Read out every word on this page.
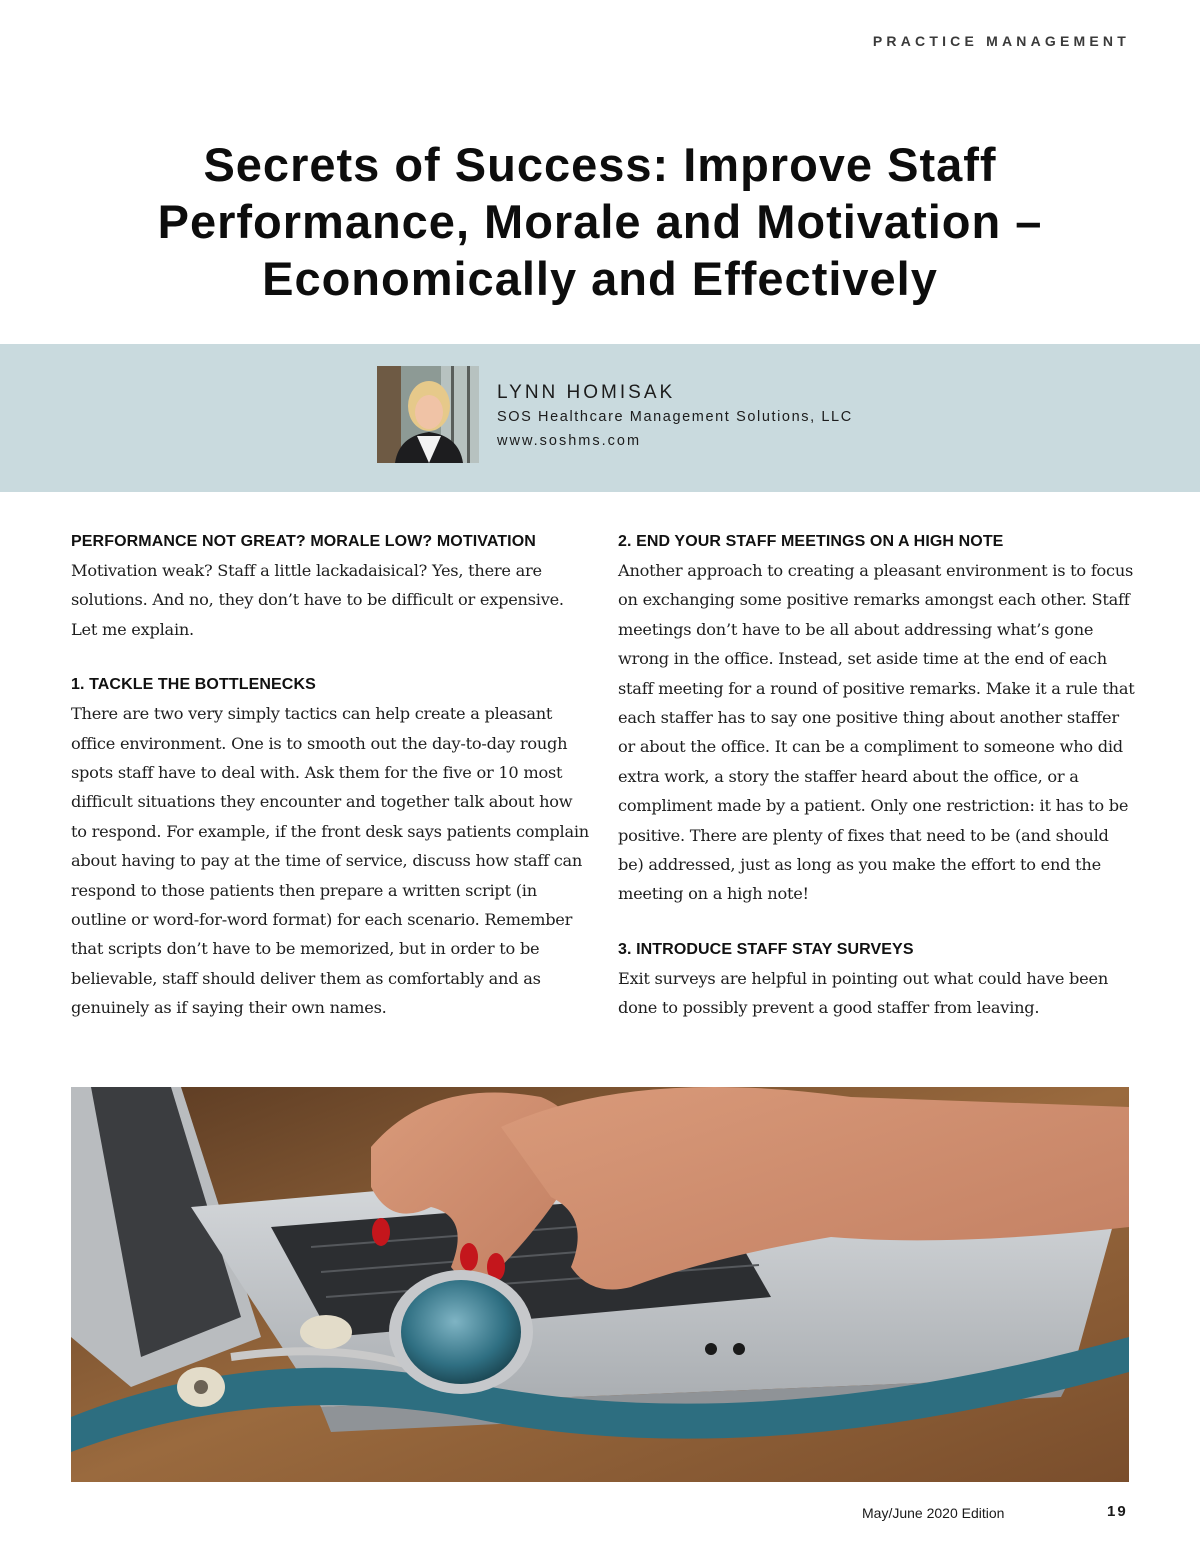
PRACTICE MANAGEMENT
Secrets of Success: Improve Staff Performance, Morale and Motivation – Economically and Effectively
LYNN HOMISAK
SOS Healthcare Management Solutions, LLC
www.soshms.com
PERFORMANCE NOT GREAT? MORALE LOW? MOTIVATION

Motivation weak? Staff a little lackadaisical? Yes, there are solutions. And no, they don’t have to be difficult or expensive. Let me explain.

1. TACKLE THE BOTTLENECKS

There are two very simply tactics can help create a pleasant office environment. One is to smooth out the day-to-day rough spots staff have to deal with. Ask them for the five or 10 most difficult situations they encounter and together talk about how to respond. For example, if the front desk says patients complain about having to pay at the time of service, discuss how staff can respond to those patients then prepare a written script (in outline or word-for-word format) for each scenario. Remember that scripts don’t have to be memorized, but in order to be believable, staff should deliver them as comfortably and as genuinely as if saying their own names.

2. END YOUR STAFF MEETINGS ON A HIGH NOTE

Another approach to creating a pleasant environment is to focus on exchanging some positive remarks amongst each other. Staff meetings don’t have to be all about addressing what’s gone wrong in the office. Instead, set aside time at the end of each staff meeting for a round of positive remarks. Make it a rule that each staffer has to say one positive thing about another staffer or about the office. It can be a compliment to someone who did extra work, a story the staffer heard about the office, or a compliment made by a patient. Only one restriction: it has to be positive. There are plenty of fixes that need to be (and should be) addressed, just as long as you make the effort to end the meeting on a high note!

3. INTRODUCE STAFF STAY SURVEYS

Exit surveys are helpful in pointing out what could have been done to possibly prevent a good staffer from leaving.

May/June 2020 Edition	19
